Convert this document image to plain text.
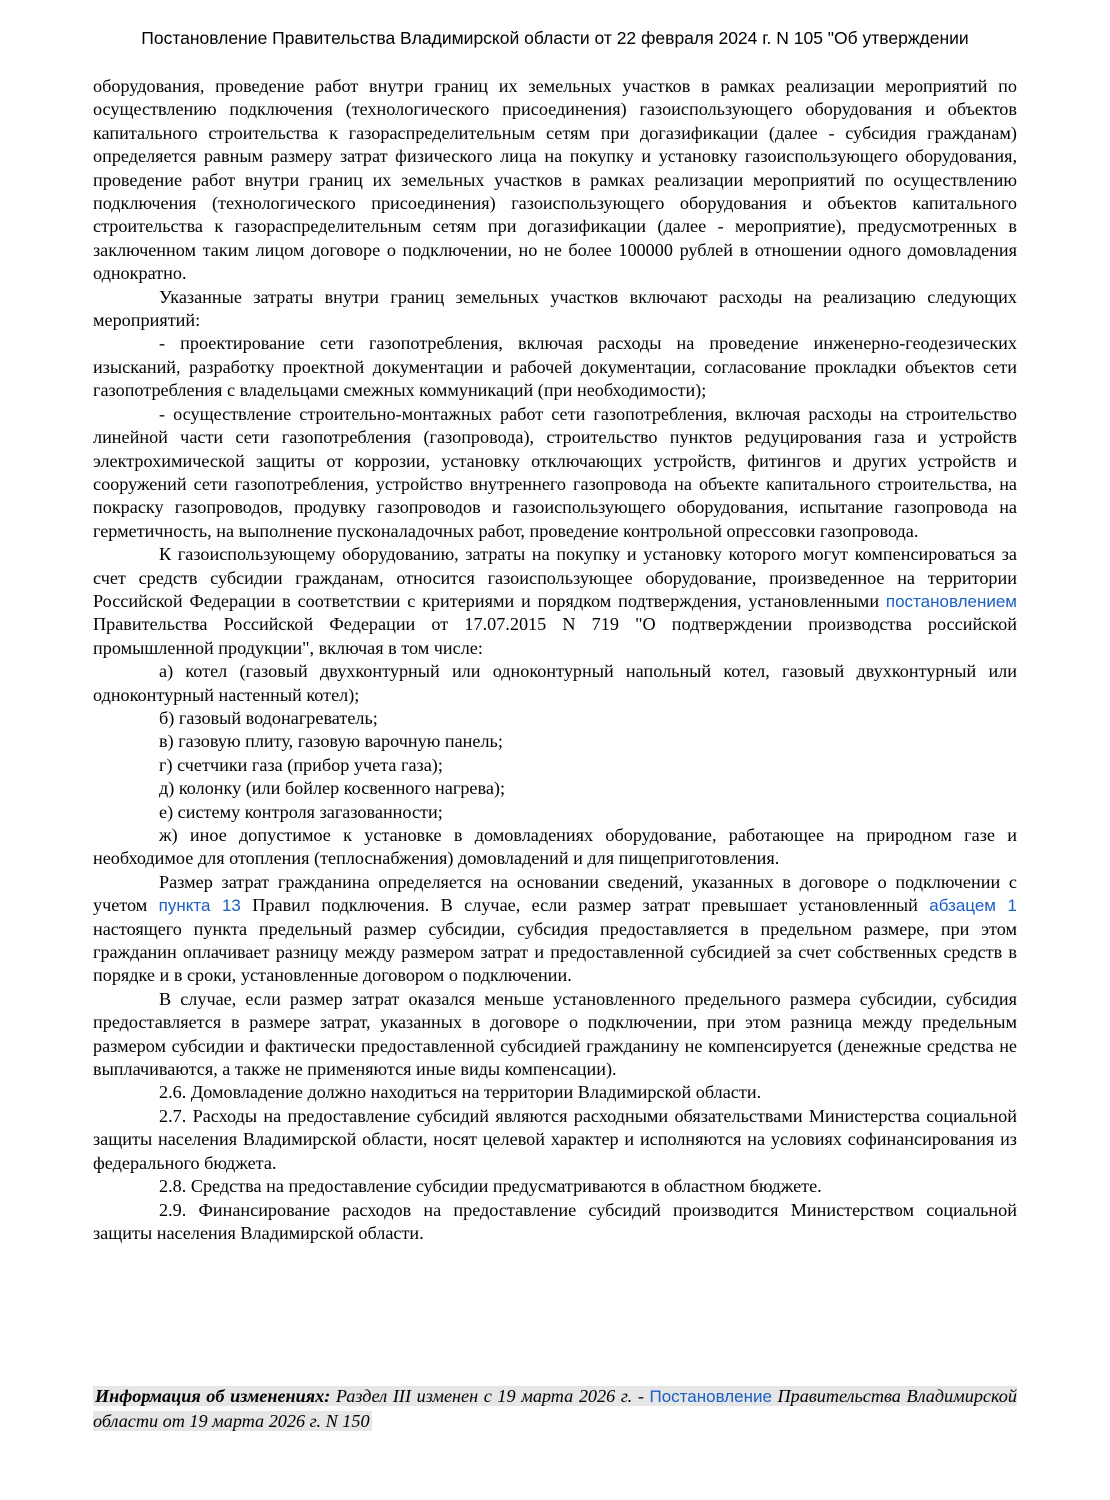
Постановление Правительства Владимирской области от 22 февраля 2024 г. N 105 "Об утверждении

оборудования, проведение работ внутри границ их земельных участков в рамках реализации мероприятий по осуществлению подключения (технологического присоединения) газоиспользующего оборудования и объектов капитального строительства к газораспределительным сетям при догазификации (далее - субсидия гражданам) определяется равным размеру затрат физического лица на покупку и установку газоиспользующего оборудования, проведение работ внутри границ их земельных участков в рамках реализации мероприятий по осуществлению подключения (технологического присоединения) газоиспользующего оборудования и объектов капитального строительства к газораспределительным сетям при догазификации (далее - мероприятие), предусмотренных в заключенном таким лицом договоре о подключении, но не более 100000 рублей в отношении одного домовладения однократно.

Указанные затраты внутри границ земельных участков включают расходы на реализацию следующих мероприятий:

- проектирование сети газопотребления, включая расходы на проведение инженерно-геодезических изысканий, разработку проектной документации и рабочей документации, согласование прокладки объектов сети газопотребления с владельцами смежных коммуникаций (при необходимости);

- осуществление строительно-монтажных работ сети газопотребления, включая расходы на строительство линейной части сети газопотребления (газопровода), строительство пунктов редуцирования газа и устройств электрохимической защиты от коррозии, установку отключающих устройств, фитингов и других устройств и сооружений сети газопотребления, устройство внутреннего газопровода на объекте капитального строительства, на покраску газопроводов, продувку газопроводов и газоиспользующего оборудования, испытание газопровода на герметичность, на выполнение пусконаладочных работ, проведение контрольной опрессовки газопровода.

К газоиспользующему оборудованию, затраты на покупку и установку которого могут компенсироваться за счет средств субсидии гражданам, относится газоиспользующее оборудование, произведенное на территории Российской Федерации в соответствии с критериями и порядком подтверждения, установленными постановлением Правительства Российской Федерации от 17.07.2015 N 719 "О подтверждении производства российской промышленной продукции", включая в том числе:

а) котел (газовый двухконтурный или одноконтурный напольный котел, газовый двухконтурный или одноконтурный настенный котел);

б) газовый водонагреватель;

в) газовую плиту, газовую варочную панель;

г) счетчики газа (прибор учета газа);

д) колонку (или бойлер косвенного нагрева);

е) систему контроля загазованности;

ж) иное допустимое к установке в домовладениях оборудование, работающее на природном газе и необходимое для отопления (теплоснабжения) домовладений и для пищеприготовления.

Размер затрат гражданина определяется на основании сведений, указанных в договоре о подключении с учетом пункта 13 Правил подключения. В случае, если размер затрат превышает установленный абзацем 1 настоящего пункта предельный размер субсидии, субсидия предоставляется в предельном размере, при этом гражданин оплачивает разницу между размером затрат и предоставленной субсидией за счет собственных средств в порядке и в сроки, установленные договором о подключении.

В случае, если размер затрат оказался меньше установленного предельного размера субсидии, субсидия предоставляется в размере затрат, указанных в договоре о подключении, при этом разница между предельным размером субсидии и фактически предоставленной субсидией гражданину не компенсируется (денежные средства не выплачиваются, а также не применяются иные виды компенсации).

2.6. Домовладение должно находиться на территории Владимирской области.

2.7. Расходы на предоставление субсидий являются расходными обязательствами Министерства социальной защиты населения Владимирской области, носят целевой характер и исполняются на условиях софинансирования из федерального бюджета.

2.8. Средства на предоставление субсидии предусматриваются в областном бюджете.

2.9. Финансирование расходов на предоставление субсидий производится Министерством социальной защиты населения Владимирской области.

Информация об изменениях: Раздел III изменен с 19 марта 2026 г. - Постановление Правительства Владимирской области от 19 марта 2026 г. N 150
